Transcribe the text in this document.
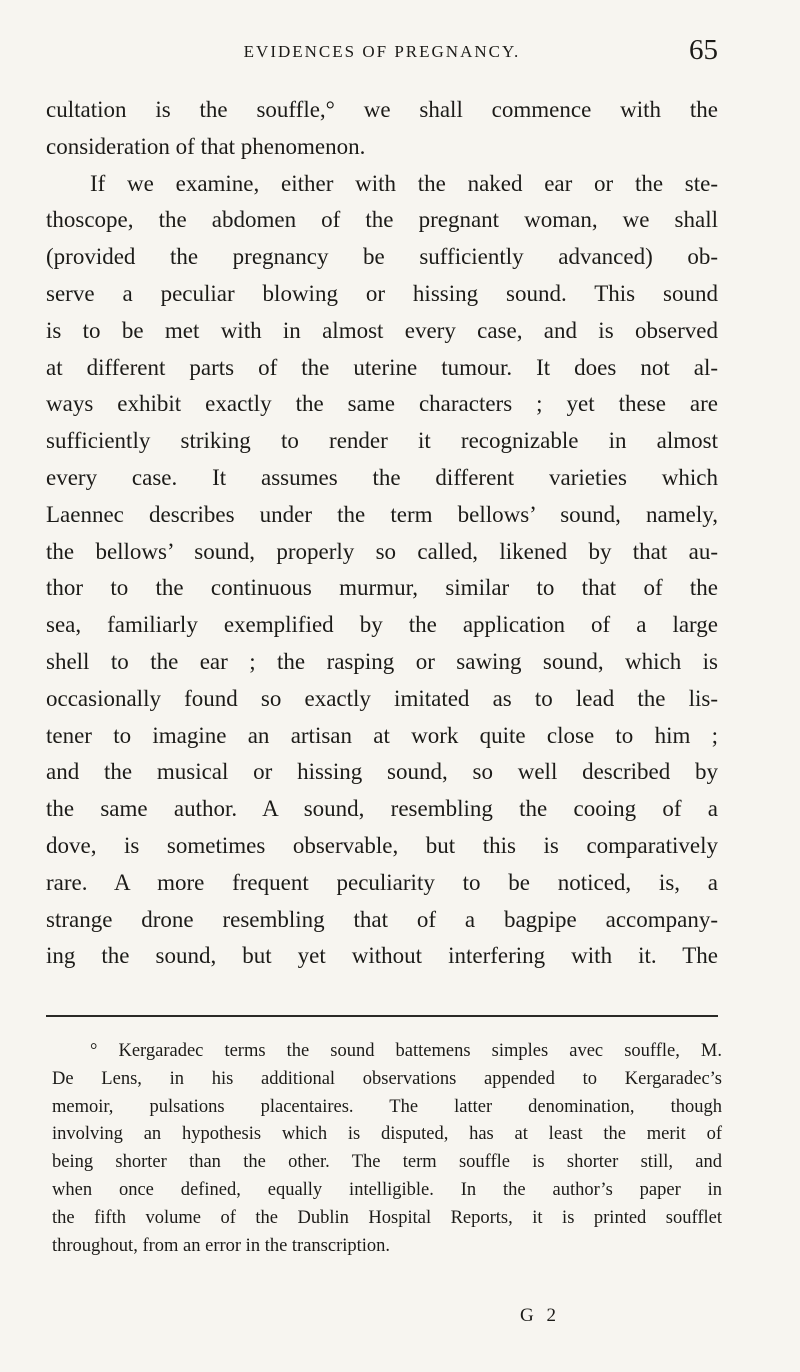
EVIDENCES OF PREGNANCY.	65

cultation is the souffle,° we shall commence with the
consideration of that phenomenon.
If we examine, either with the naked ear or the ste-
thoscope, the abdomen of the pregnant woman, we shall
(provided the pregnancy be sufficiently advanced) ob-
serve a peculiar blowing or hissing sound. This sound
is to be met with in almost every case, and is observed
at different parts of the uterine tumour. It does not al-
ways exhibit exactly the same characters ; yet these are
sufficiently striking to render it recognizable in almost
every case. It assumes the different varieties which
Laennec describes under the term bellows’ sound, namely,
the bellows’ sound, properly so called, likened by that au-
thor to the continuous murmur, similar to that of the
sea, familiarly exemplified by the application of a large
shell to the ear ; the rasping or sawing sound, which is
occasionally found so exactly imitated as to lead the lis-
tener to imagine an artisan at work quite close to him ;
and the musical or hissing sound, so well described by
the same author. A sound, resembling the cooing of a
dove, is sometimes observable, but this is comparatively
rare. A more frequent peculiarity to be noticed, is, a
strange drone resembling that of a bagpipe accompany-
ing the sound, but yet without interfering with it. The

° Kergaradec terms the sound battemens simples avec souffle, M.
De Lens, in his additional observations appended to Kergaradec’s
memoir, pulsations placentaires. The latter denomination, though
involving an hypothesis which is disputed, has at least the merit of
being shorter than the other. The term souffle is shorter still, and
when once defined, equally intelligible. In the author’s paper in
the fifth volume of the Dublin Hospital Reports, it is printed soufflet
throughout, from an error in the transcription.

G 2
